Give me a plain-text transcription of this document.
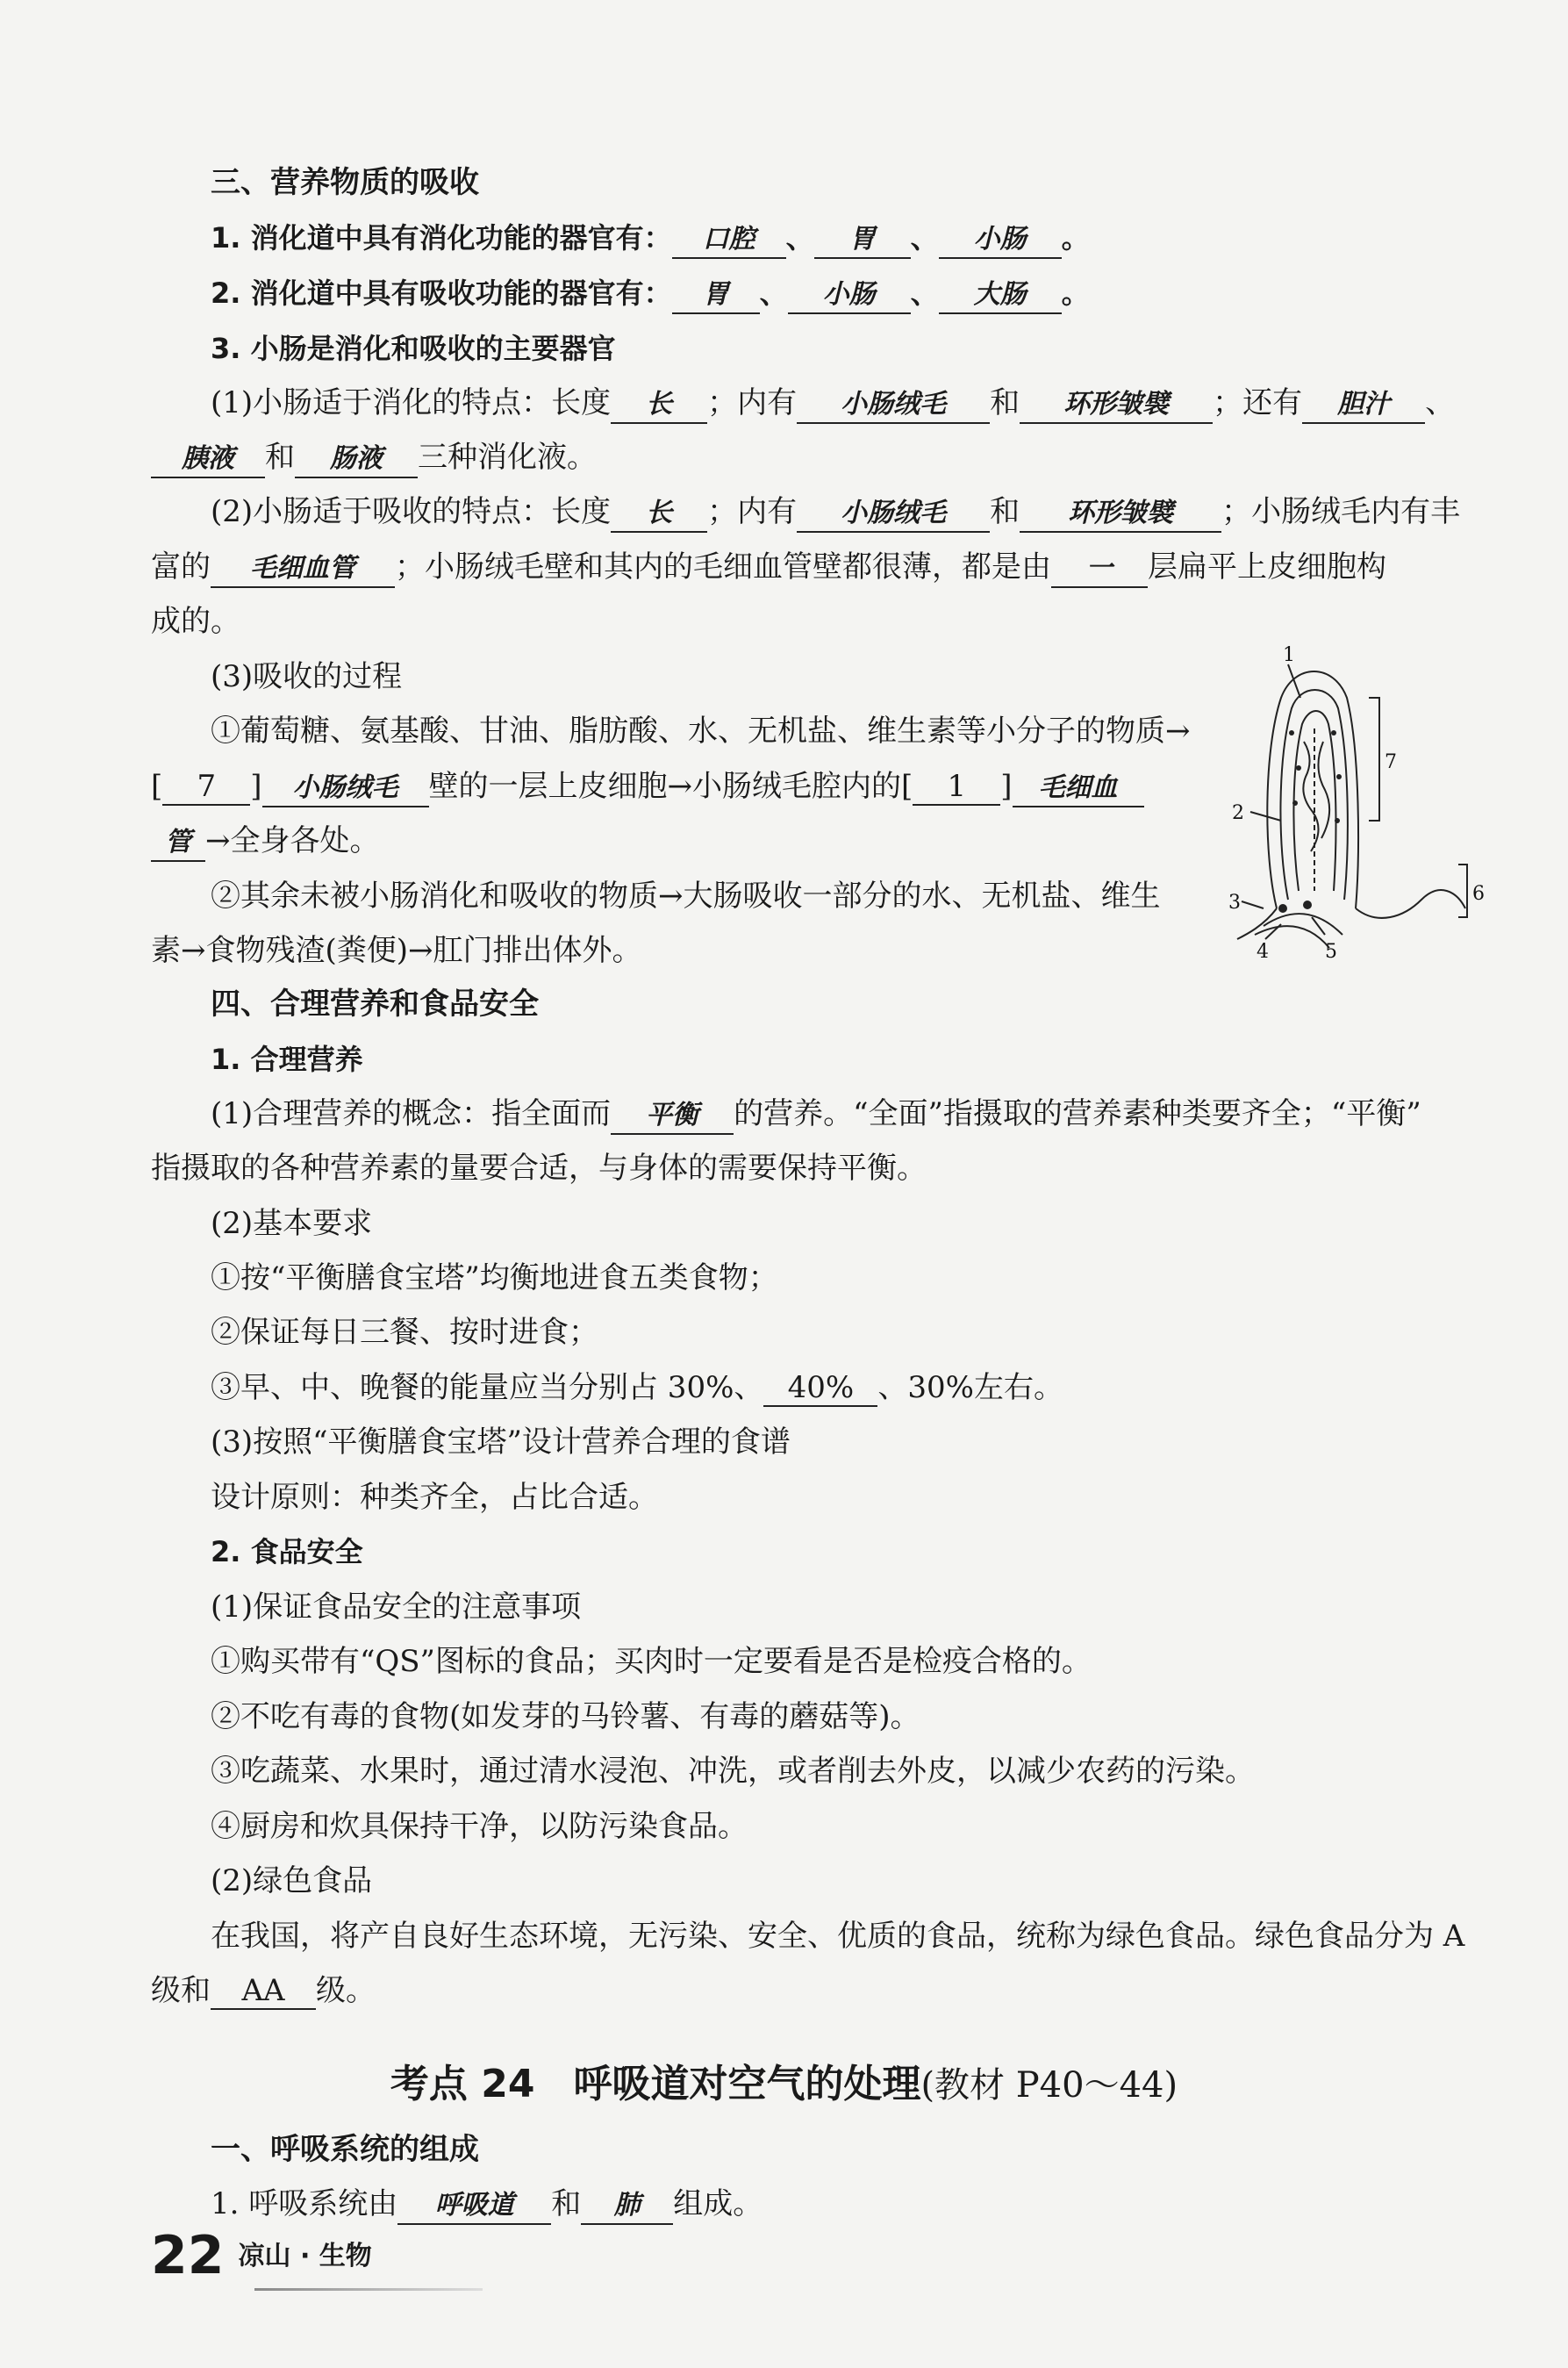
三、营养物质的吸收
1. 消化道中具有消化功能的器官有： 口腔 、 胃 、 小肠 。
2. 消化道中具有吸收功能的器官有： 胃 、 小肠 、 大肠 。
3. 小肠是消化和吸收的主要器官
(1)小肠适于消化的特点：长度 长 ；内有 小肠绒毛 和 环形皱襞 ；还有 胆汁 、
胰液 和 肠液 三种消化液。
(2)小肠适于吸收的特点：长度 长 ；内有 小肠绒毛 和 环形皱襞 ；小肠绒毛内有丰
富的 毛细血管 ；小肠绒毛壁和其内的毛细血管壁都很薄，都是由 一 层扁平上皮细胞构
成的。
(3)吸收的过程
①葡萄糖、氨基酸、甘油、脂肪酸、水、无机盐、维生素等小分子的物质→
[ 7 ] 小肠绒毛 壁的一层上皮细胞→小肠绒毛腔内的[ 1 ] 毛细血
管 →全身各处。
②其余未被小肠消化和吸收的物质→大肠吸收一部分的水、无机盐、维生
素→食物残渣(粪便)→肛门排出体外。
1
2
3
4	5
6
7
四、合理营养和食品安全
1. 合理营养
(1)合理营养的概念：指全面而 平衡 的营养。“全面”指摄取的营养素种类要齐全；“平衡”
指摄取的各种营养素的量要合适，与身体的需要保持平衡。
(2)基本要求
①按“平衡膳食宝塔”均衡地进食五类食物；
②保证每日三餐、按时进食；
③早、中、晚餐的能量应当分别占 30%、 40% 、30%左右。
(3)按照“平衡膳食宝塔”设计营养合理的食谱
设计原则：种类齐全，占比合适。
2. 食品安全
(1)保证食品安全的注意事项
①购买带有“QS”图标的食品；买肉时一定要看是否是检疫合格的。
②不吃有毒的食物(如发芽的马铃薯、有毒的蘑菇等)。
③吃蔬菜、水果时，通过清水浸泡、冲洗，或者削去外皮，以减少农药的污染。
④厨房和炊具保持干净，以防污染食品。
(2)绿色食品
在我国，将产自良好生态环境，无污染、安全、优质的食品，统称为绿色食品。绿色食品分为 A
级和 AA 级。
考点 24　呼吸道对空气的处理(教材 P40～44)
一、呼吸系统的组成
1. 呼吸系统由 呼吸道 和 肺 组成。
22 凉山 · 生物
